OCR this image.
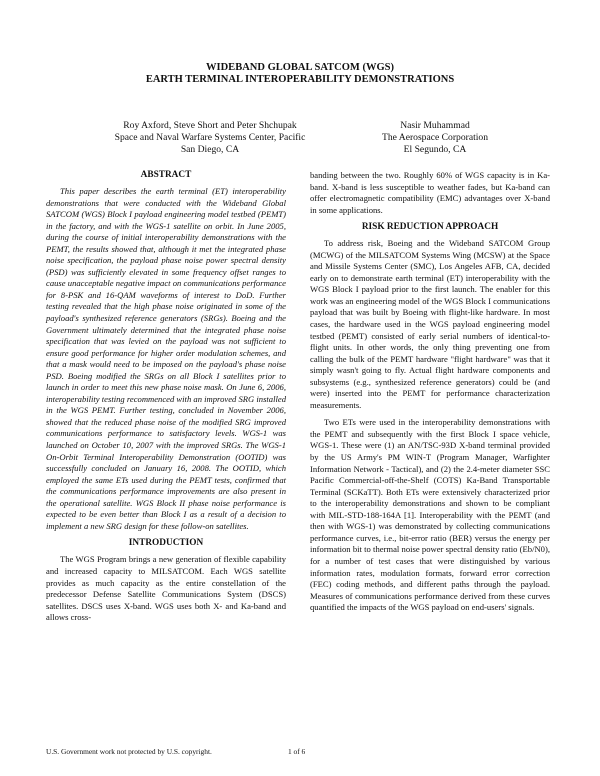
WIDEBAND GLOBAL SATCOM (WGS)
EARTH TERMINAL INTEROPERABILITY DEMONSTRATIONS
Roy Axford, Steve Short and Peter Shchupak
Space and Naval Warfare Systems Center, Pacific
San Diego, CA
Nasir Muhammad
The Aerospace Corporation
El Segundo, CA
ABSTRACT

This paper describes the earth terminal (ET) interoperability demonstrations that were conducted with the Wideband Global SATCOM (WGS) Block I payload engineering model testbed (PEMT) in the factory, and with the WGS-1 satellite on orbit. In June 2005, during the course of initial interoperability demonstrations with the PEMT, the results showed that, although it met the integrated phase noise specification, the payload phase noise power spectral density (PSD) was sufficiently elevated in some frequency offset ranges to cause unacceptable negative impact on communications performance for 8-PSK and 16-QAM waveforms of interest to DoD. Further testing revealed that the high phase noise originated in some of the payload's synthesized reference generators (SRGs). Boeing and the Government ultimately determined that the integrated phase noise specification that was levied on the payload was not sufficient to ensure good performance for higher order modulation schemes, and that a mask would need to be imposed on the payload's phase noise PSD. Boeing modified the SRGs on all Block I satellites prior to launch in order to meet this new phase noise mask. On June 6, 2006, interoperability testing recommenced with an improved SRG installed in the WGS PEMT. Further testing, concluded in November 2006, showed that the reduced phase noise of the modified SRG improved communications performance to satisfactory levels. WGS-1 was launched on October 10, 2007 with the improved SRGs. The WGS-1 On-Orbit Terminal Interoperability Demonstration (OOTID) was successfully concluded on January 16, 2008. The OOTID, which employed the same ETs used during the PEMT tests, confirmed that the communications performance improvements are also present in the operational satellite. WGS Block II phase noise performance is expected to be even better than Block I as a result of a decision to implement a new SRG design for these follow-on satellites.

INTRODUCTION

The WGS Program brings a new generation of flexible capability and increased capacity to MILSATCOM. Each WGS satellite provides as much capacity as the entire constellation of the predecessor Defense Satellite Communications System (DSCS) satellites. DSCS uses X-band. WGS uses both X- and Ka-band and allows cross-

banding between the two. Roughly 60% of WGS capacity is in Ka-band. X-band is less susceptible to weather fades, but Ka-band can offer electromagnetic compatibility (EMC) advantages over X-band in some applications.

RISK REDUCTION APPROACH

To address risk, Boeing and the Wideband SATCOM Group (MCWG) of the MILSATCOM Systems Wing (MCSW) at the Space and Missile Systems Center (SMC), Los Angeles AFB, CA, decided early on to demonstrate earth terminal (ET) interoperability with the WGS Block I payload prior to the first launch. The enabler for this work was an engineering model of the WGS Block I communications payload that was built by Boeing with flight-like hardware. In most cases, the hardware used in the WGS payload engineering model testbed (PEMT) consisted of early serial numbers of identical-to-flight units. In other words, the only thing preventing one from calling the bulk of the PEMT hardware "flight hardware" was that it simply wasn't going to fly. Actual flight hardware components and subsystems (e.g., synthesized reference generators) could be (and were) inserted into the PEMT for performance characterization measurements.

Two ETs were used in the interoperability demonstrations with the PEMT and subsequently with the first Block I space vehicle, WGS-1. These were (1) an AN/TSC-93D X-band terminal provided by the US Army's PM WIN-T (Program Manager, Warfighter Information Network - Tactical), and (2) the 2.4-meter diameter SSC Pacific Commercial-off-the-Shelf (COTS) Ka-Band Transportable Terminal (SCKaTT). Both ETs were extensively characterized prior to the interoperability demonstrations and shown to be compliant with MIL-STD-188-164A [1]. Interoperability with the PEMT (and then with WGS-1) was demonstrated by collecting communications performance curves, i.e., bit-error ratio (BER) versus the energy per information bit to thermal noise power spectral density ratio (Eb/N0), for a number of test cases that were distinguished by various information rates, modulation formats, forward error correction (FEC) coding methods, and different paths through the payload. Measures of communications performance derived from these curves quantified the impacts of the WGS payload on end-users' signals.

U.S. Government work not protected by U.S. copyright.	1 of 6
